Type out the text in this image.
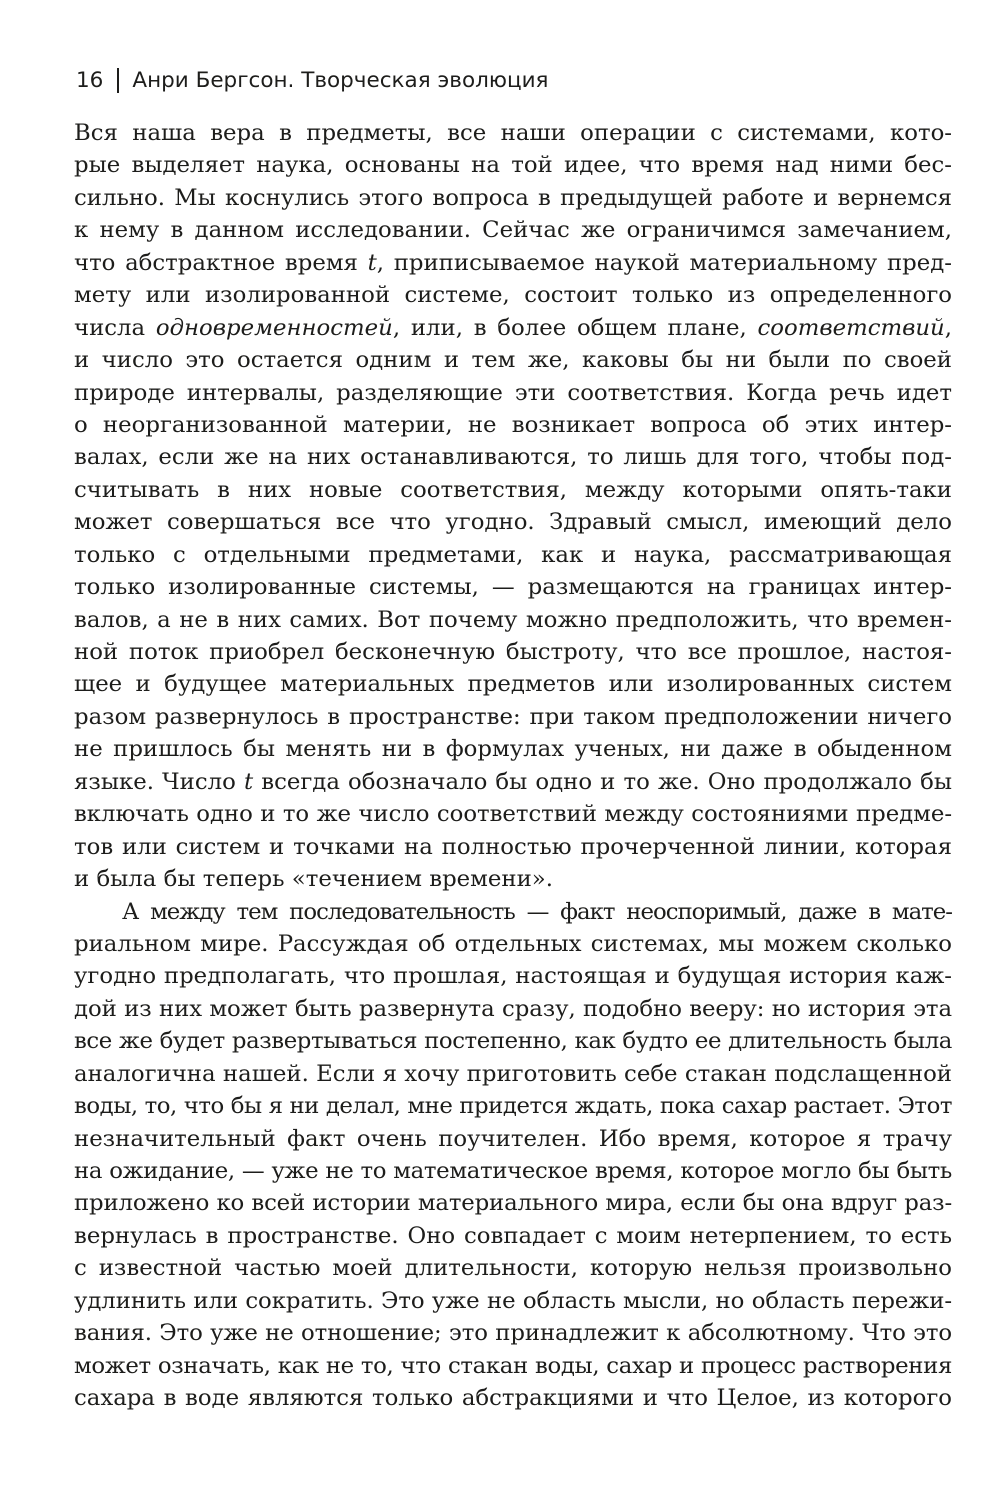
16 Анри Бергсон. Творческая эволюция
Вся наша вера в предметы, все наши операции с системами, кото-
рые выделяет наука, основаны на той идее, что время над ними бес-
сильно. Мы коснулись этого вопроса в предыдущей работе и вернемся
к нему в данном исследовании. Сейчас же ограничимся замечанием,
что абстрактное время t, приписываемое наукой материальному пред-
мету или изолированной системе, состоит только из определенного
числа одновременностей, или, в более общем плане, соответствий,
и число это остается одним и тем же, каковы бы ни были по своей
природе интервалы, разделяющие эти соответствия. Когда речь идет
о неорганизованной материи, не возникает вопроса об этих интер-
валах, если же на них останавливаются, то лишь для того, чтобы под-
считывать в них новые соответствия, между которыми опять-таки
может совершаться все что угодно. Здравый смысл, имеющий дело
только с отдельными предметами, как и наука, рассматривающая
только изолированные системы, — размещаются на границах интер-
валов, а не в них самих. Вот почему можно предположить, что времен-
ной поток приобрел бесконечную быстроту, что все прошлое, настоя-
щее и будущее материальных предметов или изолированных систем
разом развернулось в пространстве: при таком предположении ничего
не пришлось бы менять ни в формулах ученых, ни даже в обыденном
языке. Число t всегда обозначало бы одно и то же. Оно продолжало бы
включать одно и то же число соответствий между состояниями предме-
тов или систем и точками на полностью прочерченной линии, которая
и была бы теперь «течением времени».
А между тем последовательность — факт неоспоримый, даже в мате-
риальном мире. Рассуждая об отдельных системах, мы можем сколько
угодно предполагать, что прошлая, настоящая и будущая история каж-
дой из них может быть развернута сразу, подобно вееру: но история эта
все же будет развертываться постепенно, как будто ее длительность была
аналогична нашей. Если я хочу приготовить себе стакан подслащенной
воды, то, что бы я ни делал, мне придется ждать, пока сахар растает. Этот
незначительный факт очень поучителен. Ибо время, которое я трачу
на ожидание, — уже не то математическое время, которое могло бы быть
приложено ко всей истории материального мира, если бы она вдруг раз-
вернулась в пространстве. Оно совпадает с моим нетерпением, то есть
с известной частью моей длительности, которую нельзя произвольно
удлинить или сократить. Это уже не область мысли, но область пережи-
вания. Это уже не отношение; это принадлежит к абсолютному. Что это
может означать, как не то, что стакан воды, сахар и процесс растворения
сахара в воде являются только абстракциями и что Целое, из которого
